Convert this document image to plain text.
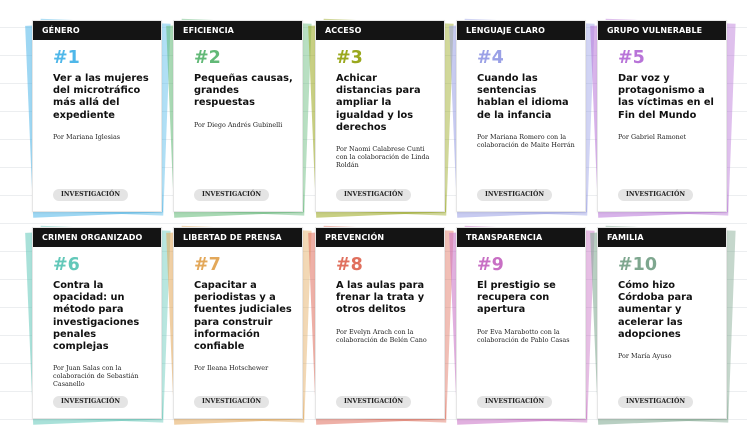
GÉNERO
#1
Ver a las mujeres del microtráfico más allá del expediente
Por Mariana Iglesias
INVESTIGACIÓN
EFICIENCIA
#2
Pequeñas causas, grandes respuestas
Por Diego Andrés Gubinelli
INVESTIGACIÓN
ACCESO
#3
Achicar distancias para ampliar la igualdad y los derechos
Por Naomi Calabrese Cunti con la colaboración de Linda Roldán
INVESTIGACIÓN
LENGUAJE CLARO
#4
Cuando las sentencias hablan el idioma de la infancia
Por Mariana Romero con la colaboración de Maite Herrán
INVESTIGACIÓN
GRUPO VULNERABLE
#5
Dar voz y protagonismo a las víctimas en el Fin del Mundo
Por Gabriel Ramonet
INVESTIGACIÓN
CRIMEN ORGANIZADO
#6
Contra la opacidad: un método para investigaciones penales complejas
Por Juan Salas con la colaboración de Sebastián Casanello
INVESTIGACIÓN
LIBERTAD DE PRENSA
#7
Capacitar a periodistas y a fuentes judiciales para construir información confiable
Por Ileana Hotschewer
INVESTIGACIÓN
PREVENCIÓN
#8
A las aulas para frenar la trata y otros delitos
Por Evelyn Arach con la colaboración de Belén Cano
INVESTIGACIÓN
TRANSPARENCIA
#9
El prestigio se recupera con apertura
Por Eva Marabotto con la colaboración de Pablo Casas
INVESTIGACIÓN
FAMILIA
#10
Cómo hizo Córdoba para aumentar y acelerar las adopciones
Por María Ayuso
INVESTIGACIÓN
